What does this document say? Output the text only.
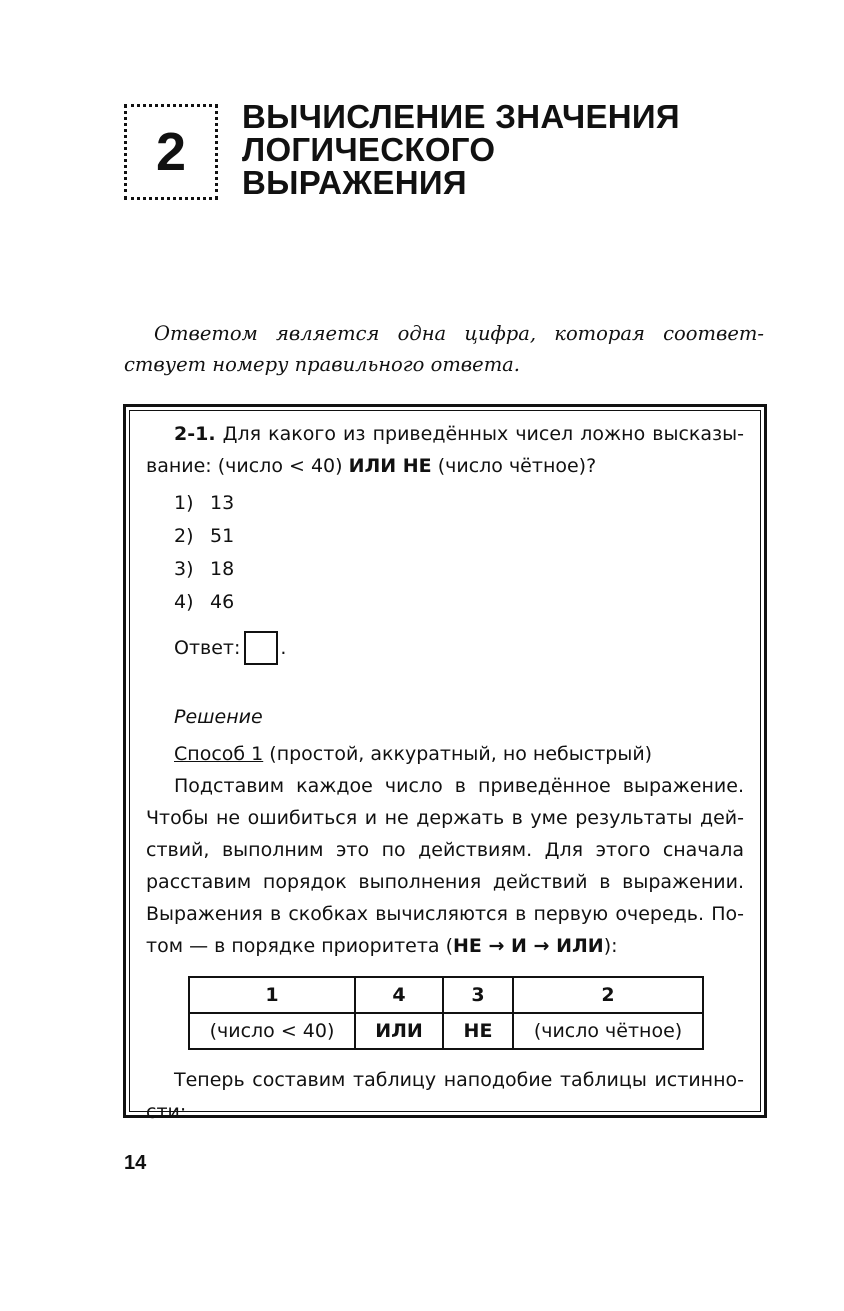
2
ВЫЧИСЛЕНИЕ ЗНАЧЕНИЯ
ЛОГИЧЕСКОГО
ВЫРАЖЕНИЯ
Ответом является одна цифра, которая соответ-
ствует номеру правильного ответа.
2-1. Для какого из приведённых чисел ложно высказы-
вание: (число < 40) ИЛИ НЕ (число чётное)?
1) 13
2) 51
3) 18
4) 46
Ответ: .
Решение
Способ 1 (простой, аккуратный, но небыстрый)
Подставим каждое число в приведённое выражение.
Чтобы не ошибиться и не держать в уме результаты дей-
ствий, выполним это по действиям. Для этого сначала
расставим порядок выполнения действий в выражении.
Выражения в скобках вычисляются в первую очередь. По-
том — в порядке приоритета (НЕ → И → ИЛИ):
1	4	3	2
(число < 40)	ИЛИ	НЕ	(число чётное)
Теперь составим таблицу наподобие таблицы истинно-
сти:
14
